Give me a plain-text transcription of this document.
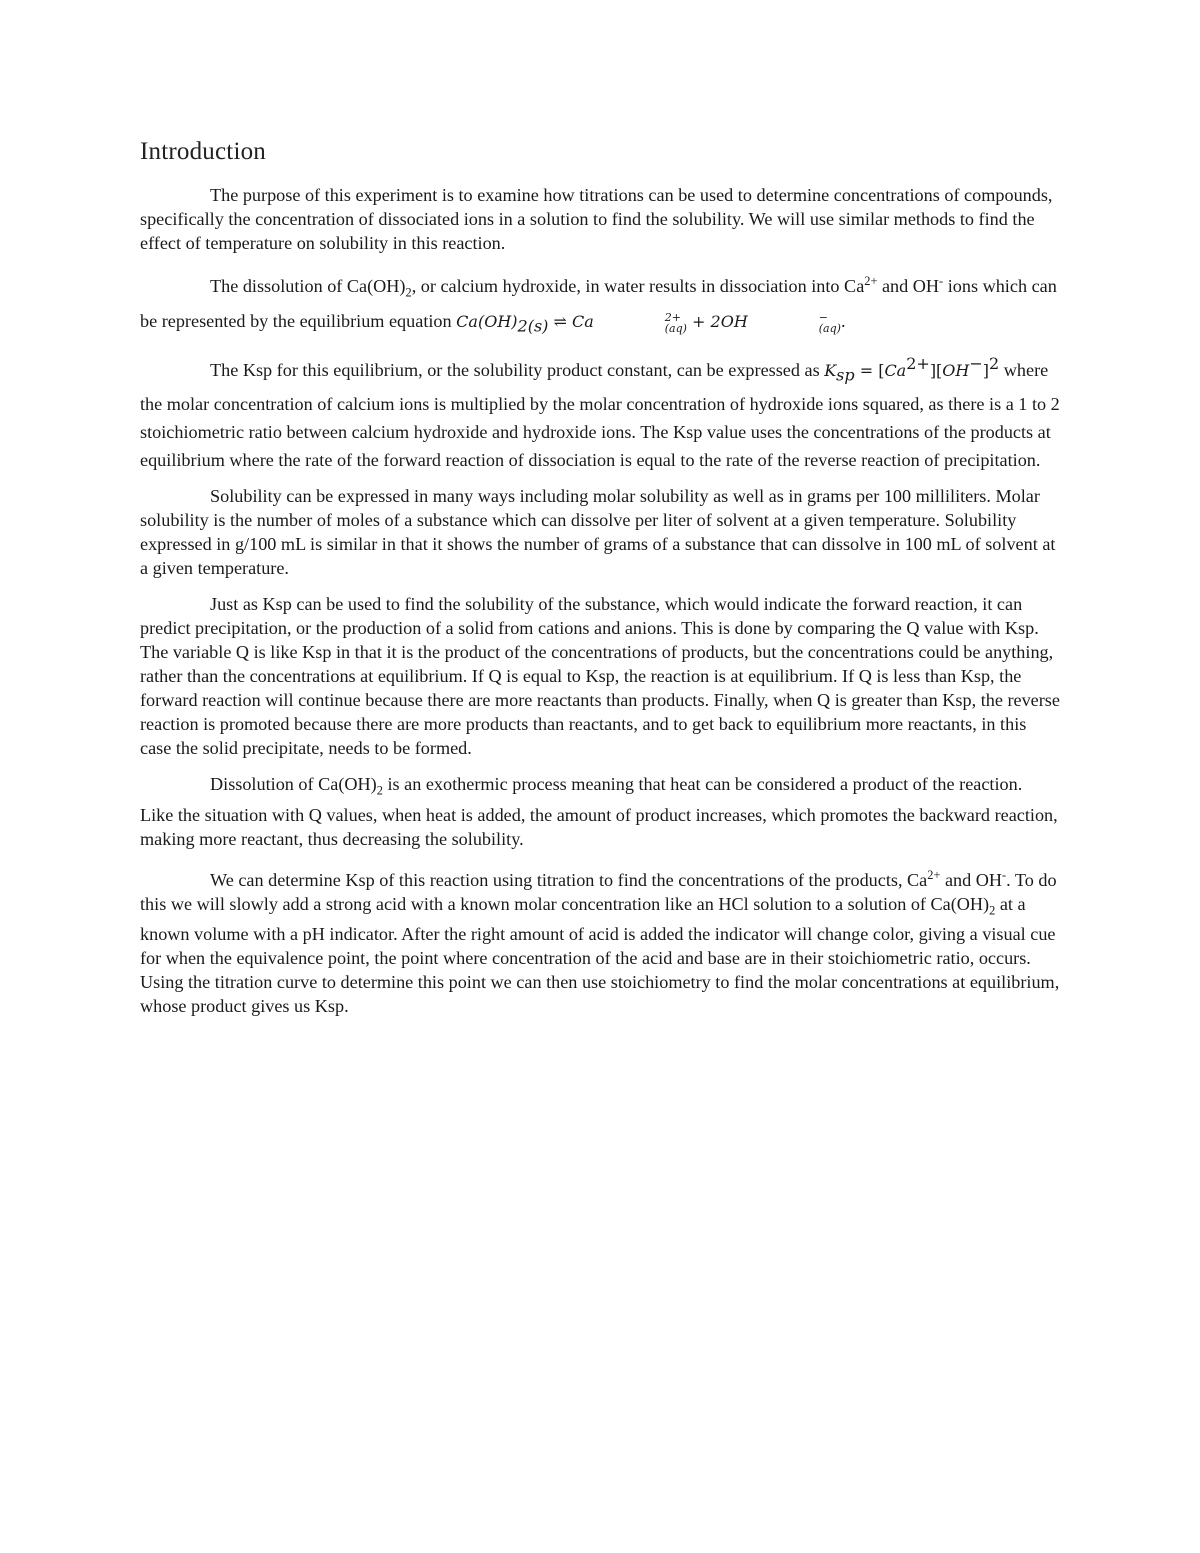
Introduction

The purpose of this experiment is to examine how titrations can be used to determine concentrations of compounds, specifically the concentration of dissociated ions in a solution to find the solubility. We will use similar methods to find the effect of temperature on solubility in this reaction.

The dissolution of $Ca(OH)_2$, or calcium hydroxide, in water results in dissociation into $Ca^{2+}$ and OH- ions which can be represented by the equilibrium equation $Ca(OH)_{2(s)}$ ⇌ Ca	2+
(aq) + 2OH	−
(aq) .

The Ksp for this equilibrium, or the solubility product constant, can be expressed as $K_{sp} = [Ca^{2+}][OH^-]^2$ where the molar concentration of calcium ions is multiplied by the molar concentration of hydroxide ions squared, as there is a 1 to 2 stoichiometric ratio between calcium hydroxide and hydroxide ions. The Ksp value uses the concentrations of the products at equilibrium where the rate of the forward reaction of dissociation is equal to the rate of the reverse reaction of precipitation.

Solubility can be expressed in many ways including molar solubility as well as in grams per 100 milliliters. Molar solubility is the number of moles of a substance which can dissolve per liter of solvent at a given temperature. Solubility expressed in g/100 mL is similar in that it shows the number of grams of a substance that can dissolve in 100 mL of solvent at a given temperature.

Just as Ksp can be used to find the solubility of the substance, which would indicate the forward reaction, it can predict precipitation, or the production of a solid from cations and anions. This is done by comparing the Q value with Ksp. The variable Q is like Ksp in that it is the product of the concentrations of products, but the concentrations could be anything, rather than the concentrations at equilibrium. If Q is equal to Ksp, the reaction is at equilibrium. If Q is less than Ksp, the forward reaction will continue because there are more reactants than products. Finally, when Q is greater than Ksp, the reverse reaction is promoted because there are more products than reactants, and to get back to equilibrium more reactants, in this case the solid precipitate, needs to be formed.

Dissolution of $Ca(OH)_2$ is an exothermic process meaning that heat can be considered a product of the reaction. Like the situation with Q values, when heat is added, the amount of product increases, which promotes the backward reaction, making more reactant, thus decreasing the solubility.

We can determine Ksp of this reaction using titration to find the concentrations of the products, $Ca^{2+}$ and OH-. To do this we will slowly add a strong acid with a known molar concentration like an HCl solution to a solution of $Ca(OH)_2$ at a known volume with a pH indicator. After the right amount of acid is added the indicator will change color, giving a visual cue for when the equivalence point, the point where concentration of the acid and base are in their stoichiometric ratio, occurs. Using the titration curve to determine this point we can then use stoichiometry to find the molar concentrations at equilibrium, whose product gives us Ksp.
